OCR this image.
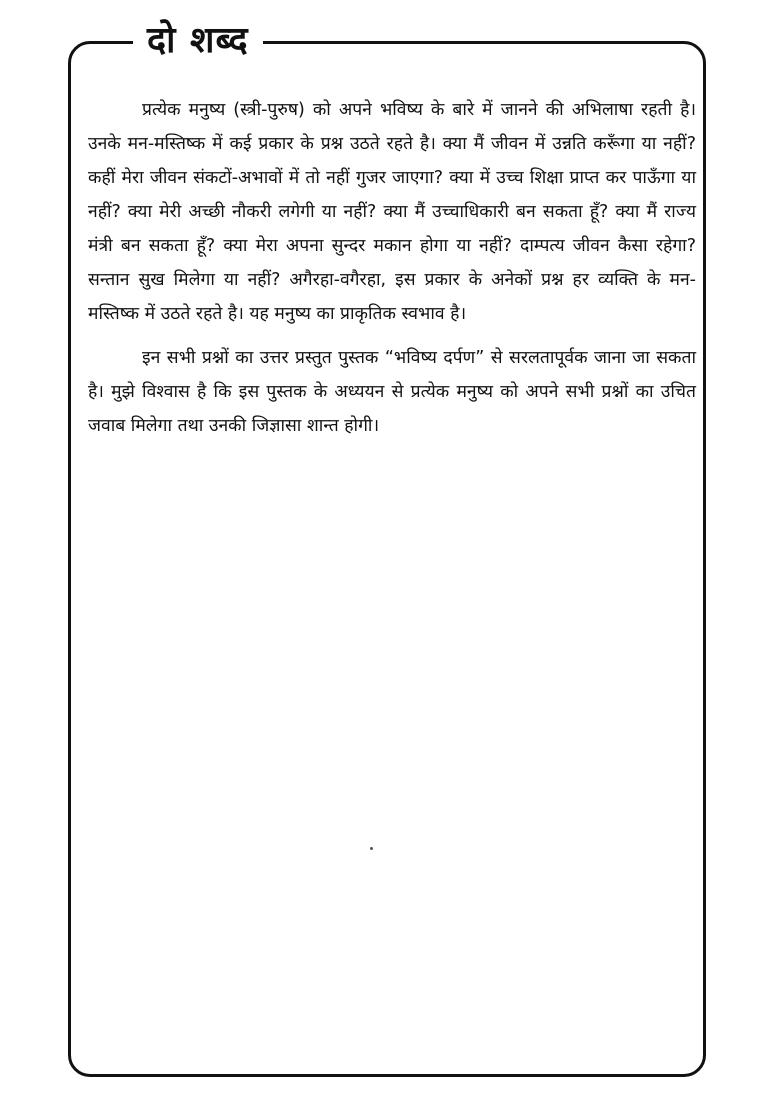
दो शब्द

प्रत्येक मनुष्य (स्त्री-पुरुष) को अपने भविष्य के बारे में जानने की अभिलाषा रहती है। उनके मन-मस्तिष्क में कई प्रकार के प्रश्न उठते रहते है। क्या मैं जीवन में उन्नति करूँगा या नहीं? कहीं मेरा जीवन संकटों-अभावों में तो नहीं गुजर जाएगा? क्या में उच्च शिक्षा प्राप्त कर पाऊँगा या नहीं? क्या मेरी अच्छी नौकरी लगेगी या नहीं? क्या मैं उच्चाधिकारी बन सकता हूँ? क्या मैं राज्य मंत्री बन सकता हूँ? क्या मेरा अपना सुन्दर मकान होगा या नहीं? दाम्पत्य जीवन कैसा रहेगा? सन्तान सुख मिलेगा या नहीं? अगैरहा-वगैरहा, इस प्रकार के अनेकों प्रश्न हर व्यक्ति के मन-मस्तिष्क में उठते रहते है। यह मनुष्य का प्राकृतिक स्वभाव है।

इन सभी प्रश्नों का उत्तर प्रस्तुत पुस्तक “भविष्य दर्पण” से सरलतापूर्वक जाना जा सकता है। मुझे विश्वास है कि इस पुस्तक के अध्ययन से प्रत्येक मनुष्य को अपने सभी प्रश्नों का उचित जवाब मिलेगा तथा उनकी जिज्ञासा शान्त होगी।
